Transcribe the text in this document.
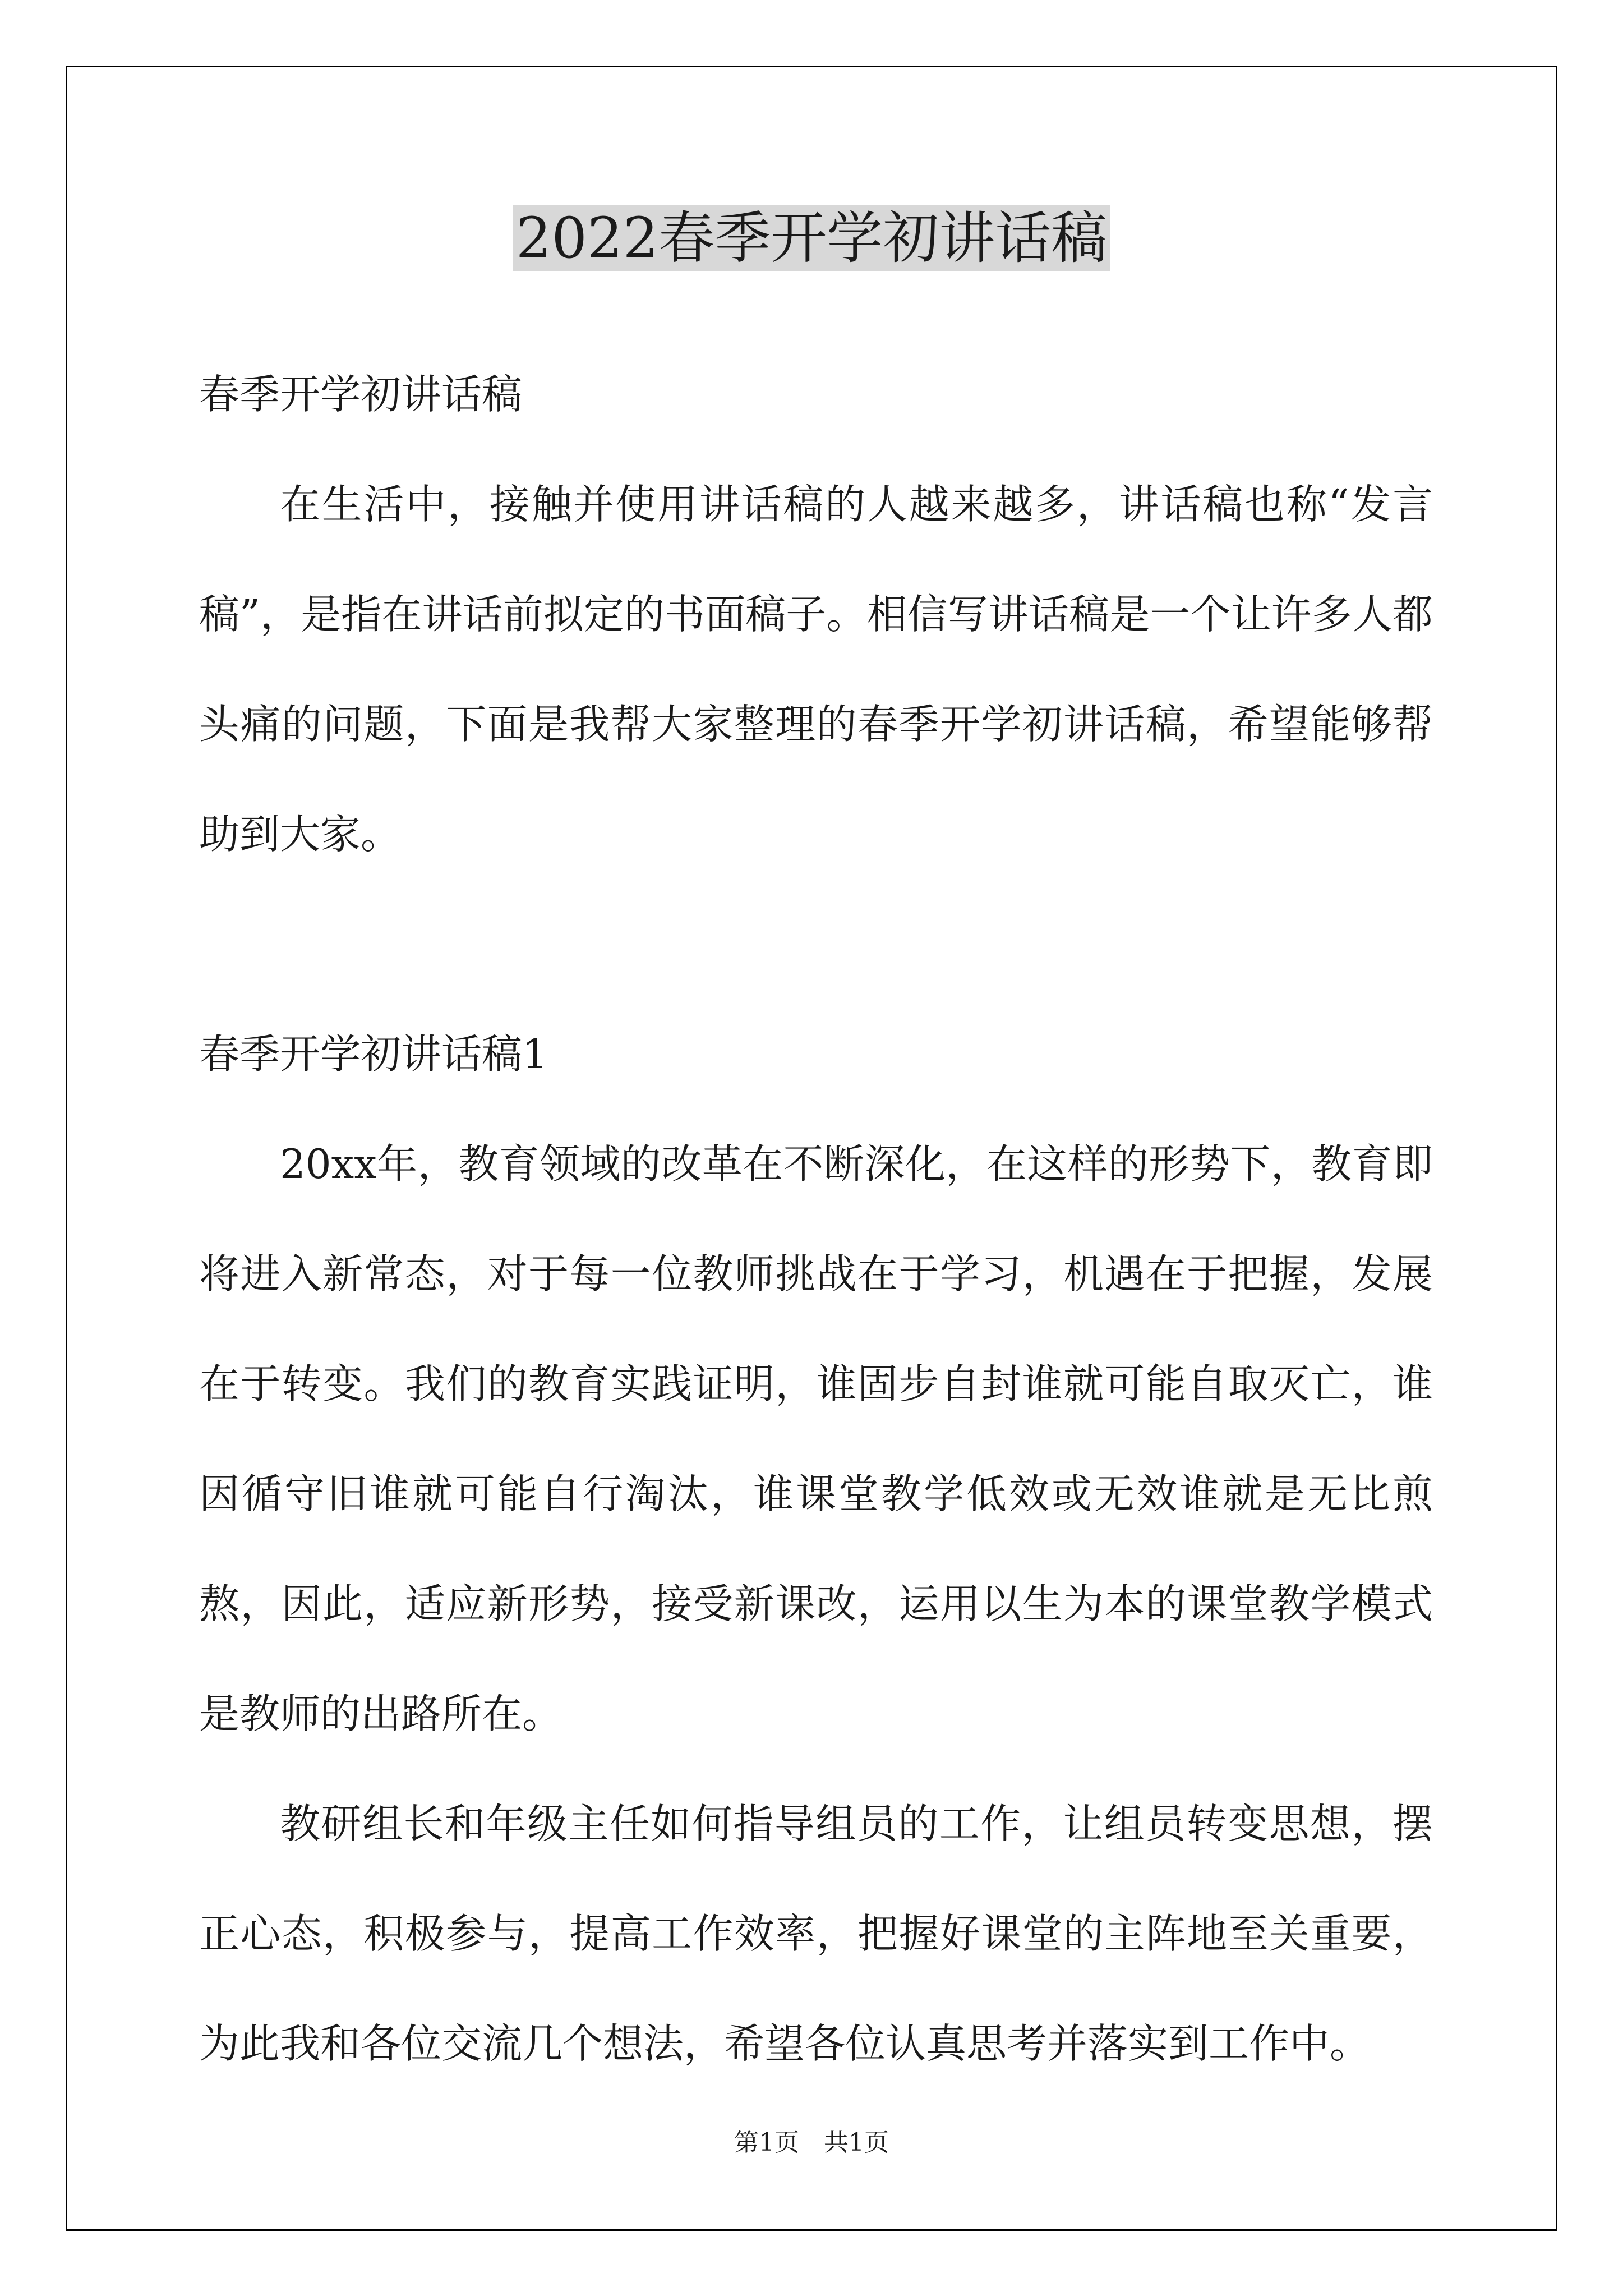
2022春季开学初讲话稿

春季开学初讲话稿

在生活中，接触并使用讲话稿的人越来越多，讲话稿也称“发言稿”，是指在讲话前拟定的书面稿子。相信写讲话稿是一个让许多人都头痛的问题，下面是我帮大家整理的春季开学初讲话稿，希望能够帮助到大家。

春季开学初讲话稿1

20xx年，教育领域的改革在不断深化，在这样的形势下，教育即将进入新常态，对于每一位教师挑战在于学习，机遇在于把握，发展在于转变。我们的教育实践证明，谁固步自封谁就可能自取灭亡，谁因循守旧谁就可能自行淘汰，谁课堂教学低效或无效谁就是无比煎熬，因此，适应新形势，接受新课改，运用以生为本的课堂教学模式是教师的出路所在。

教研组长和年级主任如何指导组员的工作，让组员转变思想，摆正心态，积极参与，提高工作效率，把握好课堂的主阵地至关重要，为此我和各位交流几个想法，希望各位认真思考并落实到工作中。

第1页　共1页
